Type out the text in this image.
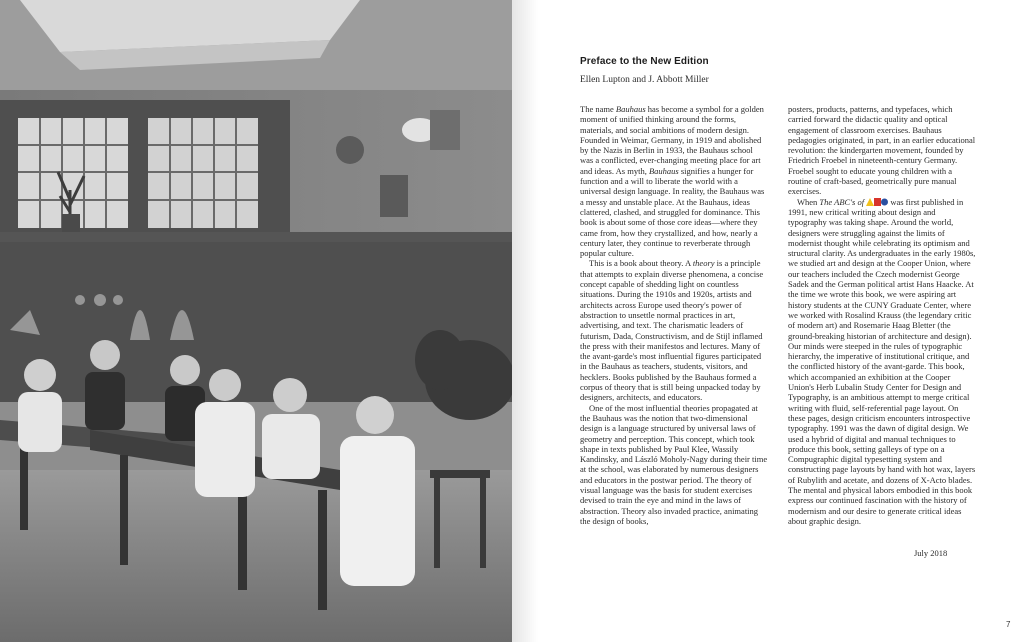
Preface to the New Edition
Ellen Lupton and J. Abbott Miller

The name Bauhaus has become a symbol for a golden moment of unified thinking around the forms, materials, and social ambitions of modern design. Founded in Weimar, Germany, in 1919 and abolished by the Nazis in Berlin in 1933, the Bauhaus school was a conflicted, ever-changing meeting place for art and ideas. As myth, Bauhaus signifies a hunger for function and a will to liberate the world with a universal design language. In reality, the Bauhaus was a messy and unstable place. At the Bauhaus, ideas clattered, clashed, and struggled for dominance. This book is about some of those core ideas—where they came from, how they crystallized, and how, nearly a century later, they continue to reverberate through popular culture.

This is a book about theory. A theory is a principle that attempts to explain diverse phenomena, a concise concept capable of shedding light on countless situations. During the 1910s and 1920s, artists and architects across Europe used theory's power of abstraction to unsettle normal practices in art, advertising, and text. The charismatic leaders of futurism, Dada, Constructivism, and de Stijl inflamed the press with their manifestos and lectures. Many of the avant-garde's most influential figures participated in the Bauhaus as teachers, students, visitors, and hecklers. Books published by the Bauhaus formed a corpus of theory that is still being unpacked today by designers, architects, and educators.

One of the most influential theories propagated at the Bauhaus was the notion that two-dimensional design is a language structured by universal laws of geometry and perception. This concept, which took shape in texts published by Paul Klee, Wassily Kandinsky, and László Moholy-Nagy during their time at the school, was elaborated by numerous designers and educators in the postwar period. The theory of visual language was the basis for student exercises devised to train the eye and mind in the laws of abstraction. Theory also invaded practice, animating the design of books,

posters, products, patterns, and typefaces, which carried forward the didactic quality and optical engagement of classroom exercises. Bauhaus pedagogies originated, in part, in an earlier educational revolution: the kindergarten movement, founded by Friedrich Froebel in nineteenth-century Germany. Froebel sought to educate young children with a routine of craft-based, geometrically pure manual exercises.

When The ABC's of	was first published in 1991, new critical writing about design and typography was taking shape. Around the world, designers were struggling against the limits of modernist thought while celebrating its optimism and structural clarity. As undergraduates in the early 1980s, we studied art and design at the Cooper Union, where our teachers included the Czech modernist George Sadek and the German political artist Hans Haacke. At the time we wrote this book, we were aspiring art history students at the CUNY Graduate Center, where we worked with Rosalind Krauss (the legendary critic of modern art) and Rosemarie Haag Bletter (the ground-breaking historian of architecture and design). Our minds were steeped in the rules of typographic hierarchy, the imperative of institutional critique, and the conflicted history of the avant-garde. This book, which accompanied an exhibition at the Cooper Union's Herb Lubalin Study Center for Design and Typography, is an ambitious attempt to merge critical writing with fluid, self-referential page layout. On these pages, design criticism encounters introspective typography. 1991 was the dawn of digital design. We used a hybrid of digital and manual techniques to produce this book, setting galleys of type on a Compugraphic digital typesetting system and constructing page layouts by hand with hot wax, layers of Rubylith and acetate, and dozens of X-Acto blades. The mental and physical labors embodied in this book express our continued fascination with the history of modernism and our desire to generate critical ideas about graphic design.

July 2018
7
